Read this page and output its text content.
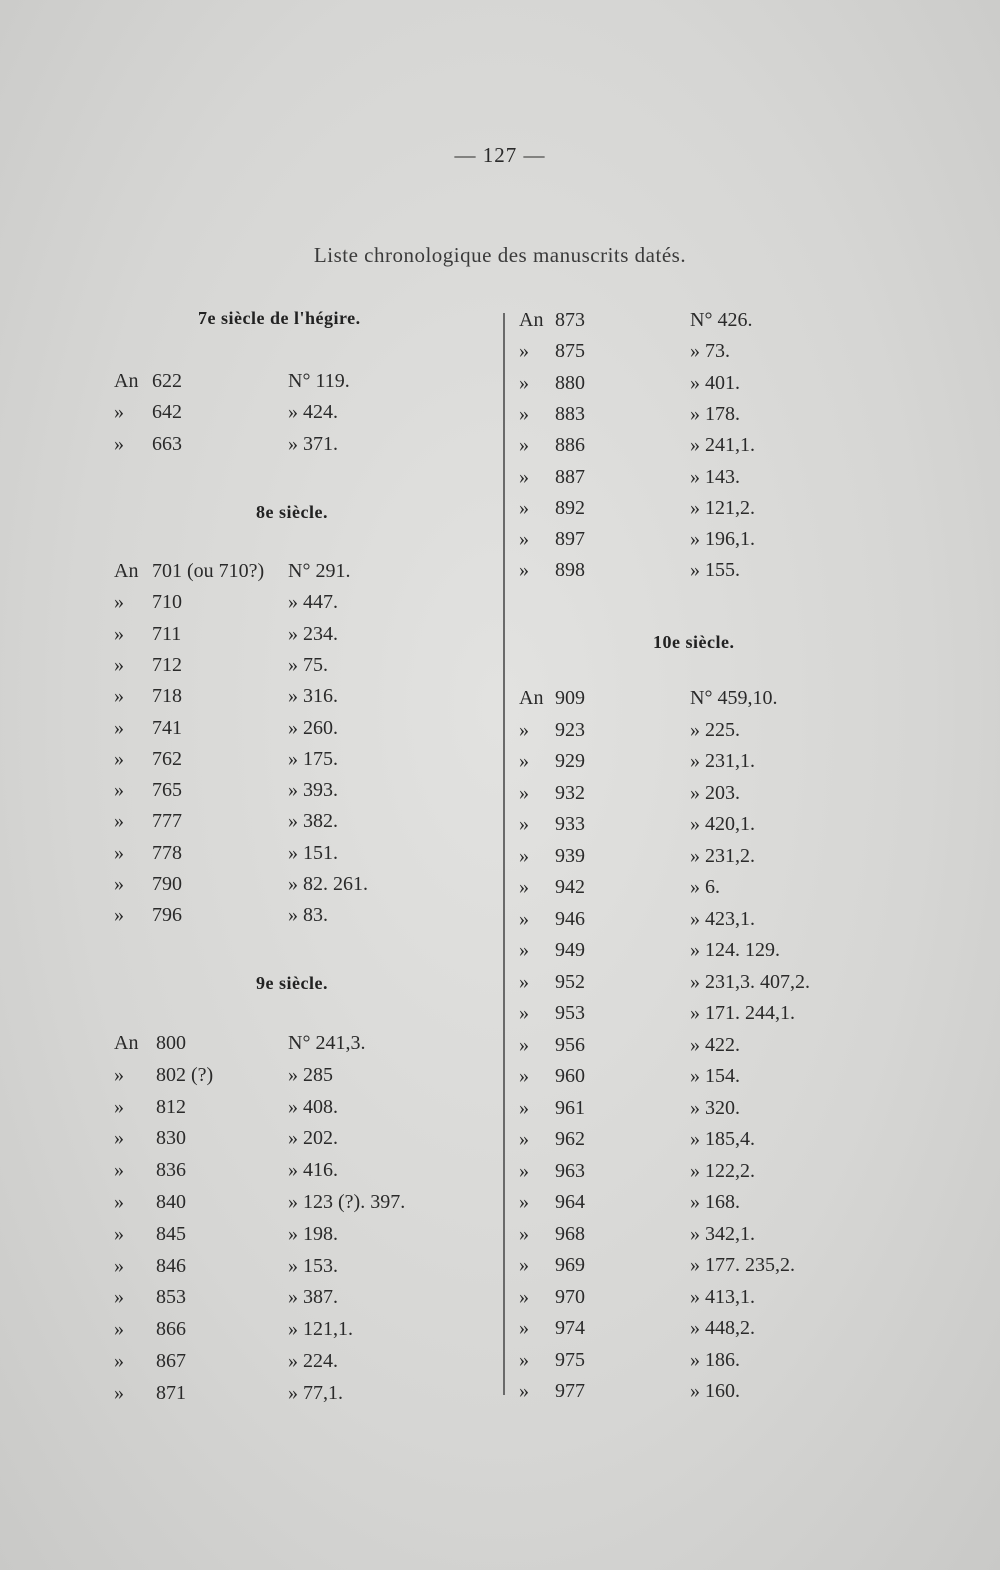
— 127 —
Liste chronologique des manuscrits datés.
7e siècle de l'hégire.
An 622	N° 119.
» 642	» 424.
» 663	» 371.
8e siècle.
An 701 (ou 710?) N° 291.
» 710	» 447.
» 711	» 234.
» 712	» 75.
» 718	» 316.
» 741	» 260.
» 762	» 175.
» 765	» 393.
» 777	» 382.
» 778	» 151.
» 790	» 82. 261.
» 796	» 83.
9e siècle.
An 800	N° 241,3.
» 802 (?)	» 285
» 812	» 408.
» 830	» 202.
» 836	» 416.
» 840	» 123 (?). 397.
» 845	» 198.
» 846	» 153.
» 853	» 387.
» 866	» 121,1.
» 867	» 224.
» 871	» 77,1.
An 873	N° 426.
» 875	» 73.
» 880	» 401.
» 883	» 178.
» 886	» 241,1.
» 887	» 143.
» 892	» 121,2.
» 897	» 196,1.
» 898	» 155.
10e siècle.
An 909	N° 459,10.
» 923	» 225.
» 929	» 231,1.
» 932	» 203.
» 933	» 420,1.
» 939	» 231,2.
» 942	» 6.
» 946	» 423,1.
» 949	» 124. 129.
» 952	» 231,3. 407,2.
» 953	» 171. 244,1.
» 956	» 422.
» 960	» 154.
» 961	» 320.
» 962	» 185,4.
» 963	» 122,2.
» 964	» 168.
» 968	» 342,1.
» 969	» 177. 235,2.
» 970	» 413,1.
» 974	» 448,2.
» 975	» 186.
» 977	» 160.
